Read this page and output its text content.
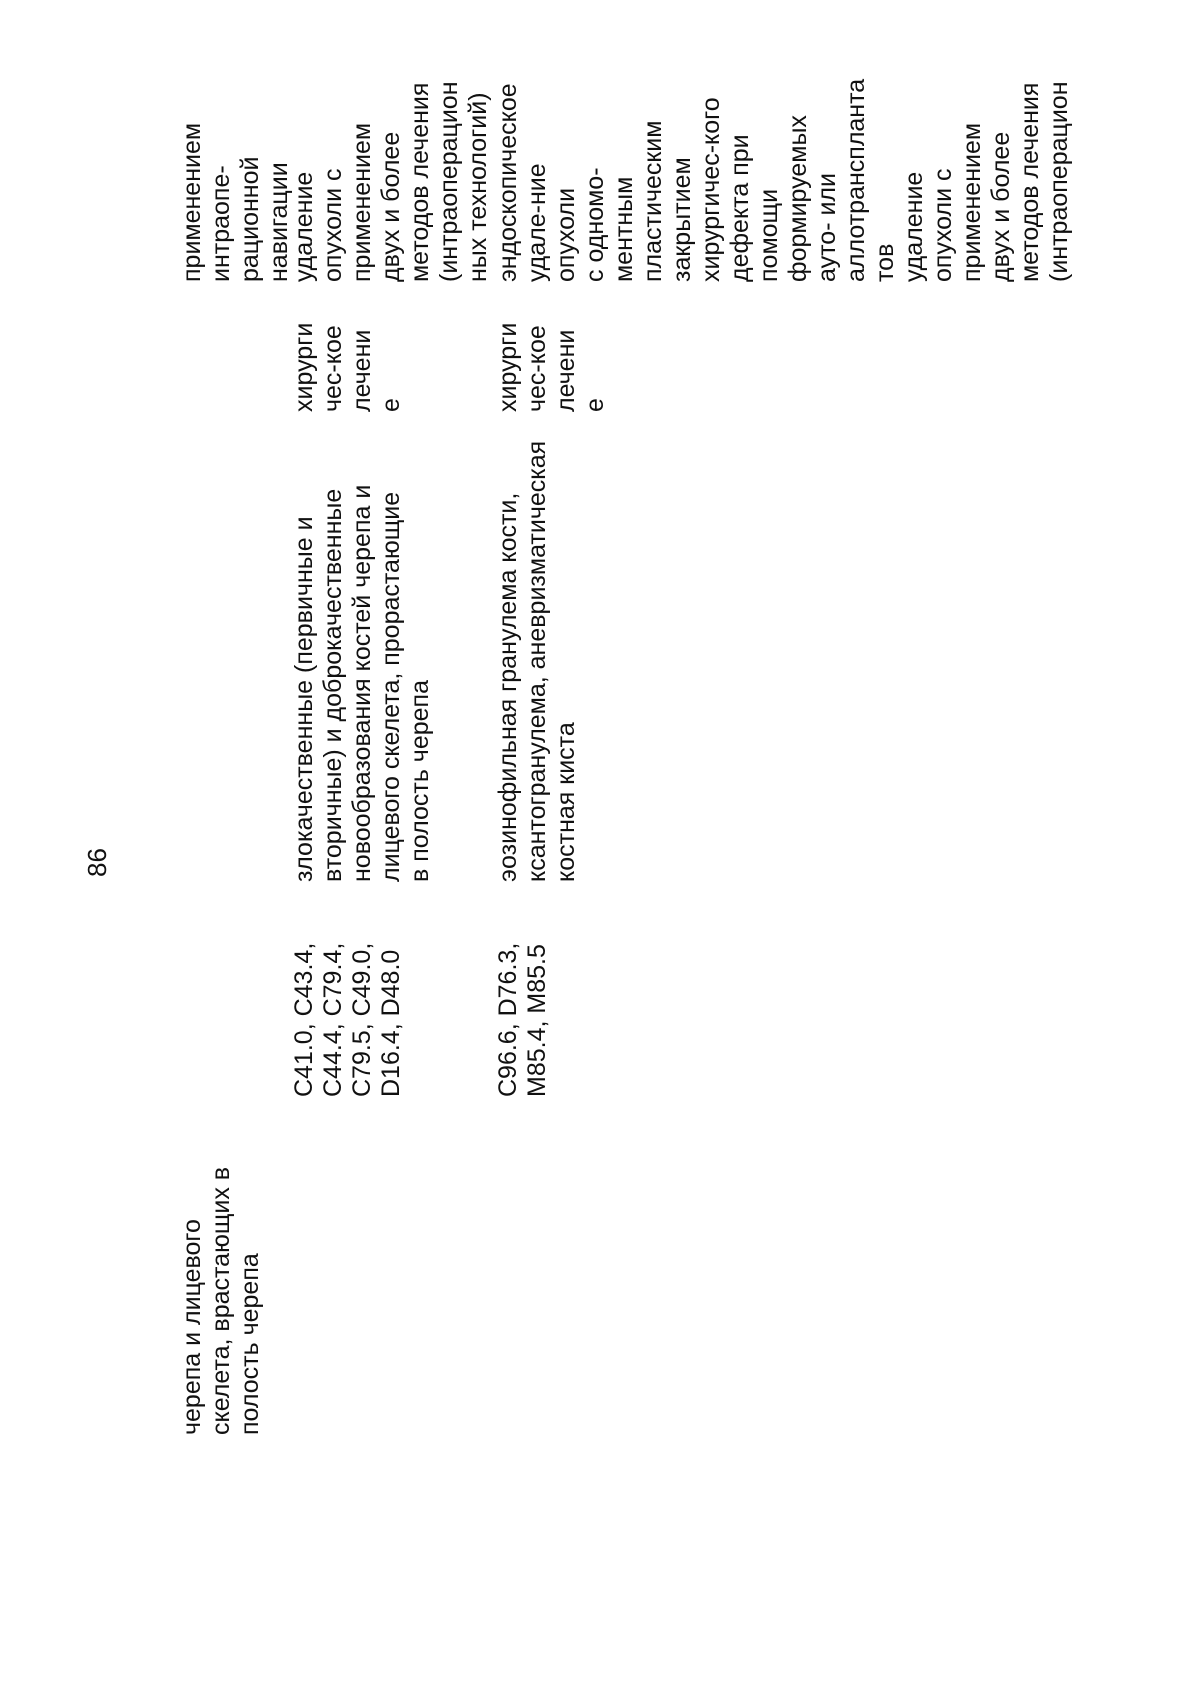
86
черепа и лицевого
скелета, врастающих в
полость черепа
применением
интраопе-
рационной
навигации
C41.0, C43.4,
C44.4, C79.4,
C79.5, C49.0,
D16.4, D48.0
злокачественные (первичные и
вторичные) и доброкачественные
новообразования костей черепа и
лицевого скелета, прорастающие
в полость черепа
хирурги
чес-кое
лечени
е
удаление
опухоли с
применением
двух и более
методов лечения
(интраоперацион
ных технологий)
C96.6, D76.3,
M85.4, M85.5
эозинофильная гранулема кости,
ксантогранулема, аневризматическая
костная киста
хирурги
чес-кое
лечени
е
эндоскопическое
удале-ние
опухоли
с одномо-
ментным
пластическим
закрытием
хирургичес-кого
дефекта при
помощи
формируемых
ауто- или
аллотранспланта
тов
удаление
опухоли с
применением
двух и более
методов лечения
(интраоперацион
